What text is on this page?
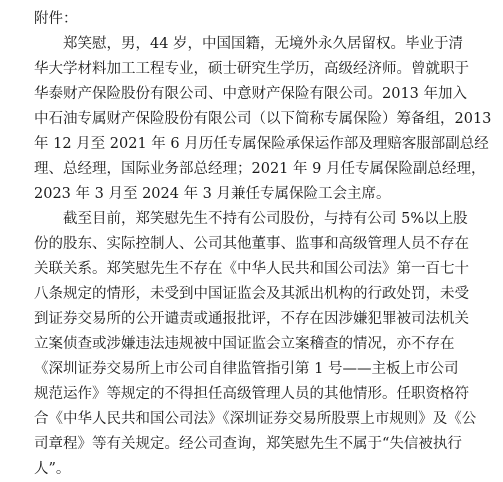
附件：

郑笑慰，男，44 岁，中国国籍，无境外永久居留权。毕业于清
华大学材料加工工程专业，硕士研究生学历，高级经济师。曾就职于
华泰财产保险股份有限公司、中意财产保险有限公司。2013 年加入
中石油专属财产保险股份有限公司（以下简称专属保险）筹备组，2013
年 12 月至 2021 年 6 月历任专属保险承保运作部及理赔客服部副总经
理、总经理，国际业务部总经理；2021 年 9 月任专属保险副总经理，
2023 年 3 月至 2024 年 3 月兼任专属保险工会主席。
截至目前，郑笑慰先生不持有公司股份，与持有公司 5%以上股
份的股东、实际控制人、公司其他董事、监事和高级管理人员不存在
关联关系。郑笑慰先生不存在《中华人民共和国公司法》第一百七十
八条规定的情形，未受到中国证监会及其派出机构的行政处罚，未受
到证券交易所的公开谴责或通报批评，不存在因涉嫌犯罪被司法机关
立案侦查或涉嫌违法违规被中国证监会立案稽查的情况，亦不存在
《深圳证券交易所上市公司自律监管指引第 1 号——主板上市公司
规范运作》等规定的不得担任高级管理人员的其他情形。任职资格符
合《中华人民共和国公司法》《深圳证券交易所股票上市规则》及《公
司章程》等有关规定。经公司查询，郑笑慰先生不属于“失信被执行
人”。
